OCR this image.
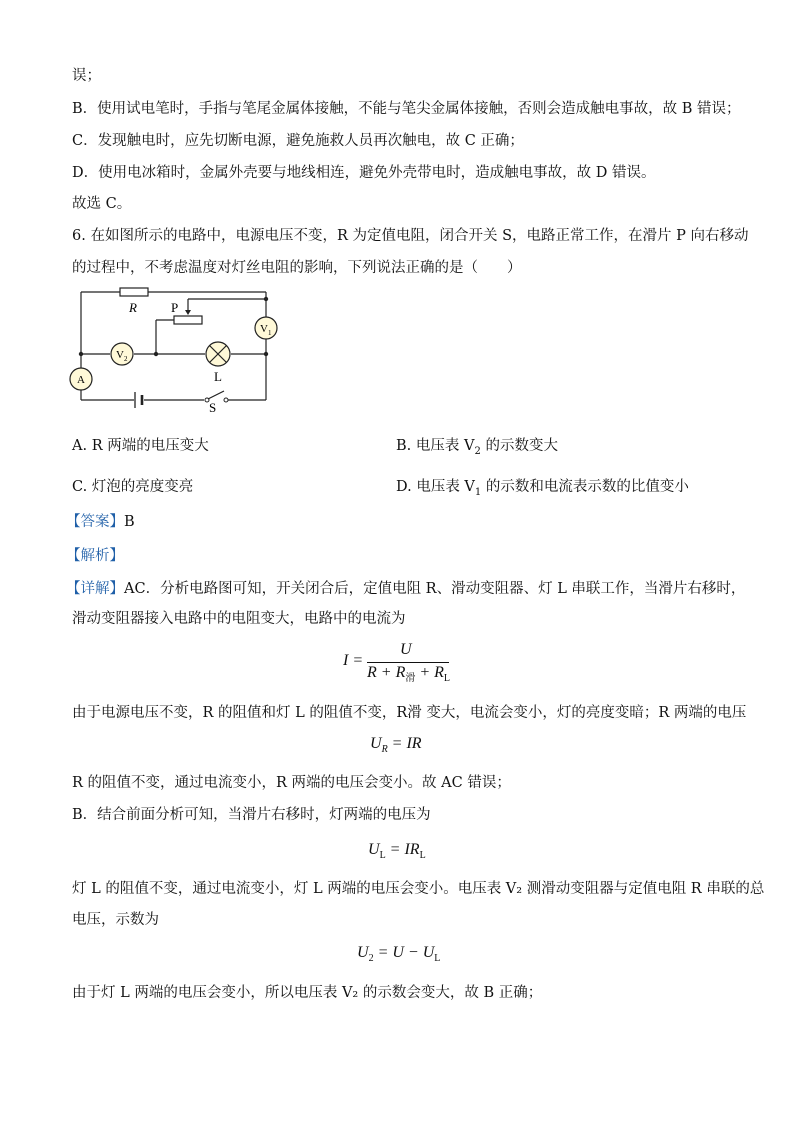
误；
B．使用试电笔时，手指与笔尾金属体接触，不能与笔尖金属体接触，否则会造成触电事故，故 B 错误；
C．发现触电时，应先切断电源，避免施救人员再次触电，故 C 正确；
D．使用电冰箱时，金属外壳要与地线相连，避免外壳带电时，造成触电事故，故 D 错误。
故选 C。
6. 在如图所示的电路中，电源电压不变，R 为定值电阻，闭合开关 S，电路正常工作，在滑片 P 向右移动
的过程中，不考虑温度对灯丝电阻的影响，下列说法正确的是（　　）
R	P
V 1
V 2
A	L
S
A. R 两端的电压变大	B. 电压表 $V_2$ 的示数变大
C. 灯泡的亮度变亮	D. 电压表 $V_1$ 的示数和电流表示数的比值变小
【答案】B
【解析】
【详解】AC．分析电路图可知，开关闭合后，定值电阻 R、滑动变阻器、灯 L 串联工作，当滑片右移时，
滑动变阻器接入电路中的电阻变大，电路中的电流为
I =
U
$R + R_滑 + R_L$
由于电源电压不变，R 的阻值和灯 L 的阻值不变，R滑 变大，电流会变小，灯的亮度变暗；R 两端的电压
$U_R$ = IR
R 的阻值不变，通过电流变小，R 两端的电压会变小。故 AC 错误；
B．结合前面分析可知，当滑片右移时，灯两端的电压为
$U_L = IR_L$
灯 L 的阻值不变，通过电流变小，灯 L 两端的电压会变小。电压表 V₂ 测滑动变阻器与定值电阻 R 串联的总
电压，示数为
$U_2 = U - U_L$
由于灯 L 两端的电压会变小，所以电压表 V₂ 的示数会变大，故 B 正确；
